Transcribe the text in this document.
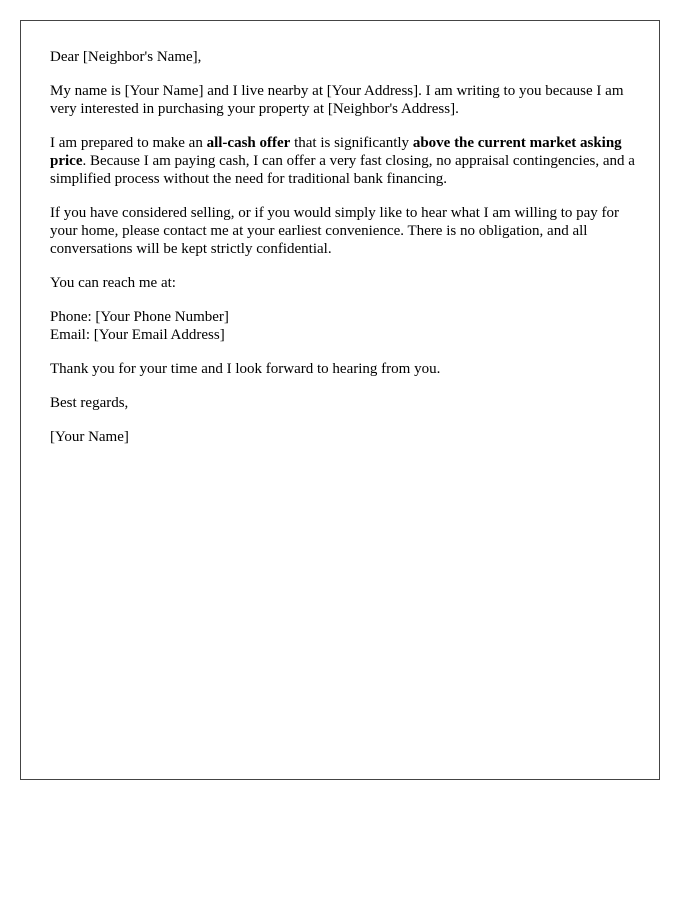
Dear [Neighbor's Name],

My name is [Your Name] and I live nearby at [Your Address]. I am writing to you because I am very interested in purchasing your property at [Neighbor's Address].

I am prepared to make an all-cash offer that is significantly above the current market asking price. Because I am paying cash, I can offer a very fast closing, no appraisal contingencies, and a simplified process without the need for traditional bank financing.

If you have considered selling, or if you would simply like to hear what I am willing to pay for your home, please contact me at your earliest convenience. There is no obligation, and all conversations will be kept strictly confidential.

You can reach me at:

Phone: [Your Phone Number]
Email: [Your Email Address]

Thank you for your time and I look forward to hearing from you.

Best regards,

[Your Name]
